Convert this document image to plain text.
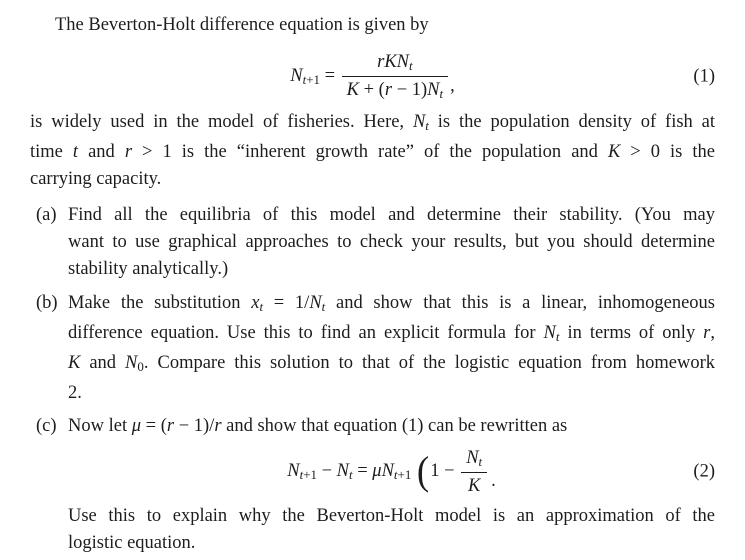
The Beverton-Holt difference equation is given by
$Nt+1 = \frac{\text{rKNt}}{K + (r - 1)Nt}$ ,	(1)
is widely used in the model of fisheries. Here, Nt is the population density of fish at
time t and r > 1 is the “inherent growth rate” of the population and K > 0 is the
carrying capacity.
(a) Find all the equilibria of this model and determine their stability. (You may
want to use graphical approaches to check your results, but you should determine
stability analytically.)
(b) Make the substitution xt = 1/Nt and show that this is a linear, inhomogeneous
difference equation. Use this to find an explicit formula for Nt in terms of only r,
K and N0. Compare this solution to that of the logistic equation from homework
2.
(c) Now let μ = (r − 1)/r and show that equation (1) can be rewritten as
Nt+1 − Nt = μNt+1 ( $1 - \frac{Nt}{K}$ .	(2)
Use this to explain why the Beverton-Holt model is an approximation of the
logistic equation.
